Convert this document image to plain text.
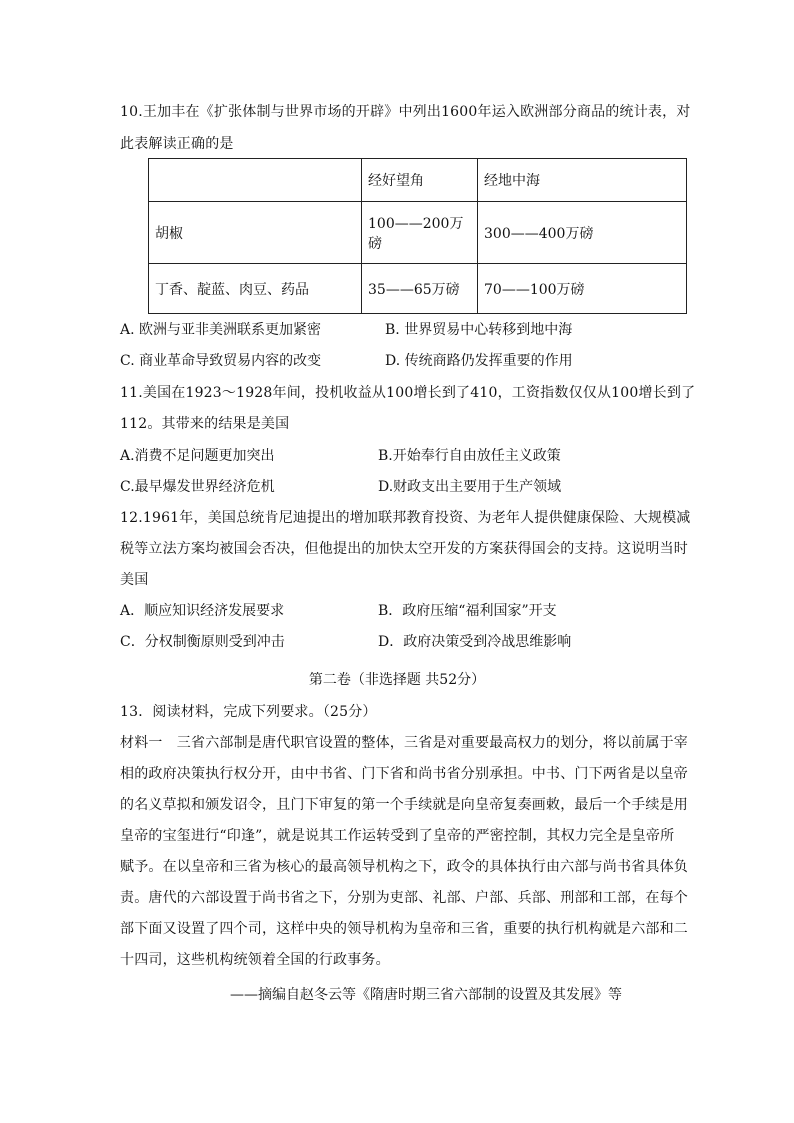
10.王加丰在《扩张体制与世界市场的开辟》中列出1600年运入欧洲部分商品的统计表，对
此表解读正确的是
	经好望角	经地中海
胡椒	100——200万磅	300——400万磅
丁香、靛蓝、肉豆、药品	35——65万磅	70——100万磅
A. 欧洲与亚非美洲联系更加紧密	B. 世界贸易中心转移到地中海
C. 商业革命导致贸易内容的改变	D. 传统商路仍发挥重要的作用
11.美国在1923～1928年间，投机收益从100增长到了410，工资指数仅仅从100增长到了
112。其带来的结果是美国
A.消费不足问题更加突出	B.开始奉行自由放任主义政策
C.最早爆发世界经济危机	D.财政支出主要用于生产领域
12.1961年，美国总统肯尼迪提出的增加联邦教育投资、为老年人提供健康保险、大规模减
税等立法方案均被国会否决，但他提出的加快太空开发的方案获得国会的支持。这说明当时
美国
A．顺应知识经济发展要求	B．政府压缩“福利国家”开支
C．分权制衡原则受到冲击	D．政府决策受到冷战思维影响
第二卷（非选择题 共52分）
13．阅读材料，完成下列要求。（25分）
材料一　三省六部制是唐代职官设置的整体，三省是对重要最高权力的划分，将以前属于宰
相的政府决策执行权分开，由中书省、门下省和尚书省分别承担。中书、门下两省是以皇帝
的名义草拟和颁发诏令，且门下审复的第一个手续就是向皇帝复奏画敕，最后一个手续是用
皇帝的宝玺进行“印逢”，就是说其工作运转受到了皇帝的严密控制，其权力完全是皇帝所
赋予。在以皇帝和三省为核心的最高领导机构之下，政令的具体执行由六部与尚书省具体负
责。唐代的六部设置于尚书省之下，分别为吏部、礼部、户部、兵部、刑部和工部，在每个
部下面又设置了四个司，这样中央的领导机构为皇帝和三省，重要的执行机构就是六部和二
十四司，这些机构统领着全国的行政事务。
——摘编自赵冬云等《隋唐时期三省六部制的设置及其发展》等
